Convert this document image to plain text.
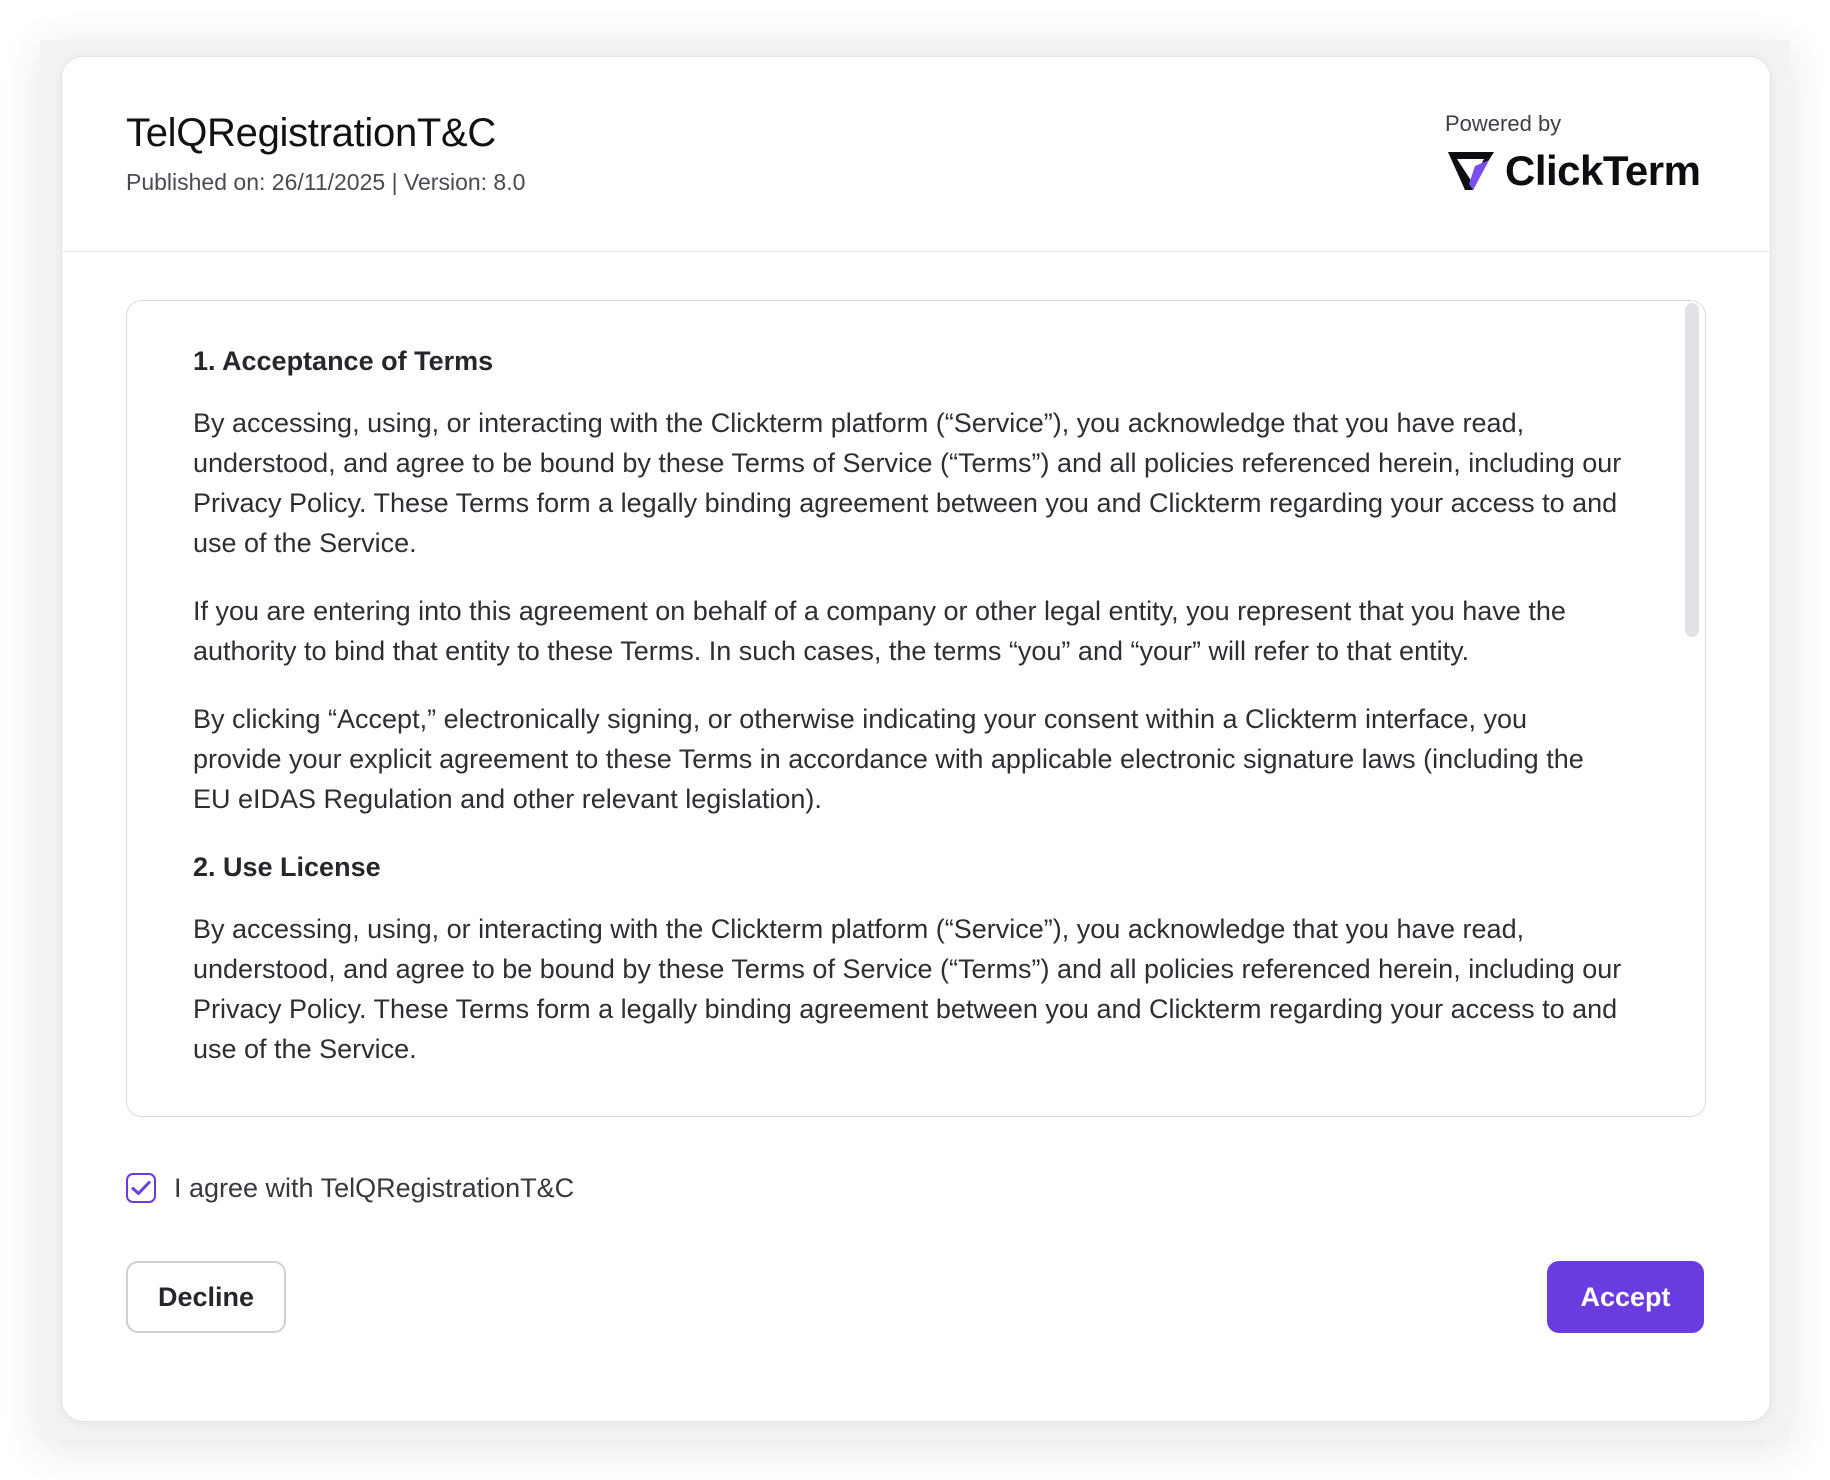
TelQRegistrationT&C
Published on: 26/11/2025 | Version: 8.0
Powered by
ClickTerm
1. Acceptance of Terms

By accessing, using, or interacting with the Clickterm platform (“Service”), you acknowledge that you have read, understood, and agree to be bound by these Terms of Service (“Terms”) and all policies referenced herein, including our Privacy Policy. These Terms form a legally binding agreement between you and Clickterm regarding your access to and use of the Service.

If you are entering into this agreement on behalf of a company or other legal entity, you represent that you have the authority to bind that entity to these Terms. In such cases, the terms “you” and “your” will refer to that entity.

By clicking “Accept,” electronically signing, or otherwise indicating your consent within a Clickterm interface, you provide your explicit agreement to these Terms in accordance with applicable electronic signature laws (including the EU eIDAS Regulation and other relevant legislation).

2. Use License

By accessing, using, or interacting with the Clickterm platform (“Service”), you acknowledge that you have read, understood, and agree to be bound by these Terms of Service (“Terms”) and all policies referenced herein, including our Privacy Policy. These Terms form a legally binding agreement between you and Clickterm regarding your access to and use of the Service.

I agree with TelQRegistrationT&C
Decline	Accept
